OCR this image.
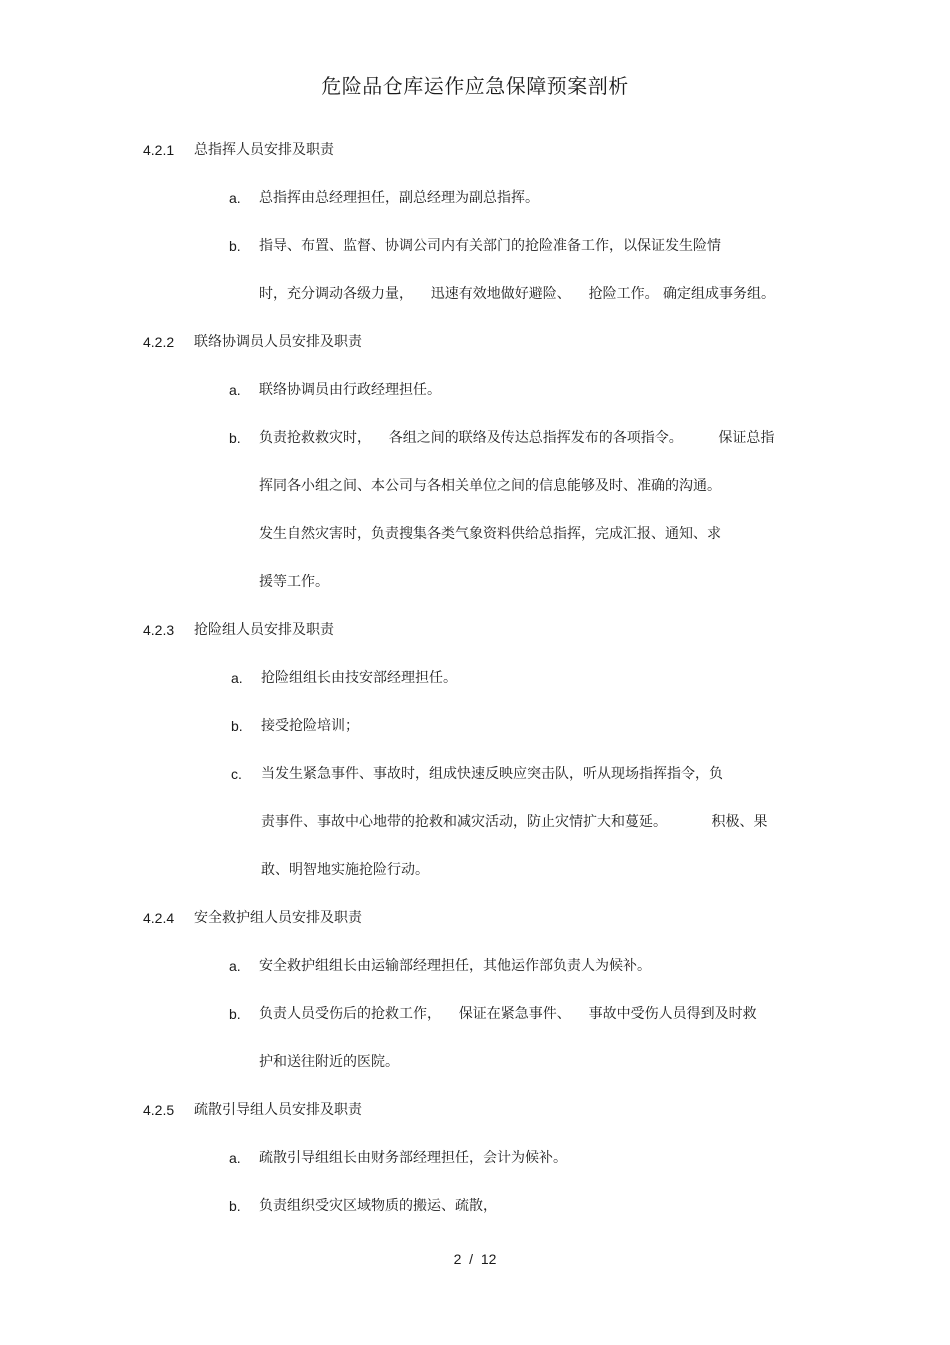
危险品仓库运作应急保障预案剖析
4.2.1 总指挥人员安排及职责
a. 总指挥由总经理担任，副总经理为副总指挥。
b. 指导、布置、监督、协调公司内有关部门的抢险准备工作，以保证发生险情
时，充分调动各级力量，    迅速有效地做好避险、    抢险工作。 确定组成事务组。
4.2.2 联络协调员人员安排及职责
a. 联络协调员由行政经理担任。
b. 负责抢救救灾时，    各组之间的联络及传达总指挥发布的各项指令。        保证总指
挥同各小组之间、本公司与各相关单位之间的信息能够及时、准确的沟通。
发生自然灾害时，负责搜集各类气象资料供给总指挥，完成汇报、通知、求
援等工作。
4.2.3 抢险组人员安排及职责
a. 抢险组组长由技安部经理担任。
b. 接受抢险培训；
c. 当发生紧急事件、事故时，组成快速反映应突击队，听从现场指挥指令，负
责事件、事故中心地带的抢救和减灾活动，防止灾情扩大和蔓延。          积极、果
敢、明智地实施抢险行动。
4.2.4 安全救护组人员安排及职责
a. 安全救护组组长由运输部经理担任，其他运作部负责人为候补。
b. 负责人员受伤后的抢救工作，    保证在紧急事件、    事故中受伤人员得到及时救
护和送往附近的医院。
4.2.5 疏散引导组人员安排及职责
a. 疏散引导组组长由财务部经理担任，会计为候补。
b. 负责组织受灾区域物质的搬运、疏散，
2  /  12
